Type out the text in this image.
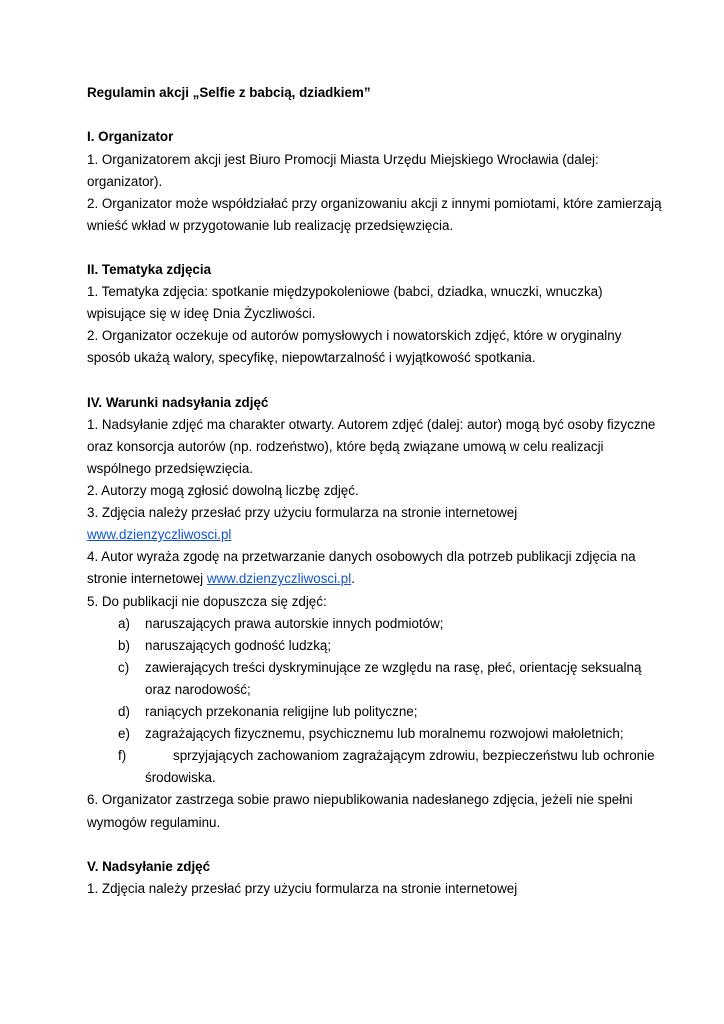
Regulamin akcji „Selfie z babcią, dziadkiem”
I. Organizator
1. Organizatorem akcji jest Biuro Promocji Miasta Urzędu Miejskiego Wrocławia (dalej:
organizator).
2. Organizator może współdziałać przy organizowaniu akcji z innymi pomiotami, które zamierzają
wnieść wkład w przygotowanie lub realizację przedsięwzięcia.
II. Tematyka zdjęcia
1. Tematyka zdjęcia: spotkanie międzypokoleniowe (babci, dziadka, wnuczki, wnuczka)
wpisujące się w ideę Dnia Życzliwości.
2. Organizator oczekuje od autorów pomysłowych i nowatorskich zdjęć, które w oryginalny
sposób ukażą walory, specyfikę, niepowtarzalność i wyjątkowość spotkania.
IV. Warunki nadsyłania zdjęć
1. Nadsyłanie zdjęć ma charakter otwarty. Autorem zdjęć (dalej: autor) mogą być osoby fizyczne
oraz konsorcja autorów (np. rodzeństwo), które będą związane umową w celu realizacji
wspólnego przedsięwzięcia.
2. Autorzy mogą zgłosić dowolną liczbę zdjęć.
3. Zdjęcia należy przesłać przy użyciu formularza na stronie internetowej
www.dzienzyczliwosci.pl
4. Autor wyraża zgodę na przetwarzanie danych osobowych dla potrzeb publikacji zdjęcia na
stronie internetowej www.dzienzyczliwosci.pl.
5. Do publikacji nie dopuszcza się zdjęć:
a) naruszających prawa autorskie innych podmiotów;
b) naruszających godność ludzką;
c) zawierających treści dyskryminujące ze względu na rasę, płeć, orientację seksualną
oraz narodowość;
d) raniących przekonania religijne lub polityczne;
e) zagrażających fizycznemu, psychicznemu lub moralnemu rozwojowi małoletnich;
f)	sprzyjających zachowaniom zagrażającym zdrowiu, bezpieczeństwu lub ochronie
środowiska.
6. Organizator zastrzega sobie prawo niepublikowania nadesłanego zdjęcia, jeżeli nie spełni
wymogów regulaminu.
V. Nadsyłanie zdjęć
1. Zdjęcia należy przesłać przy użyciu formularza na stronie internetowej
